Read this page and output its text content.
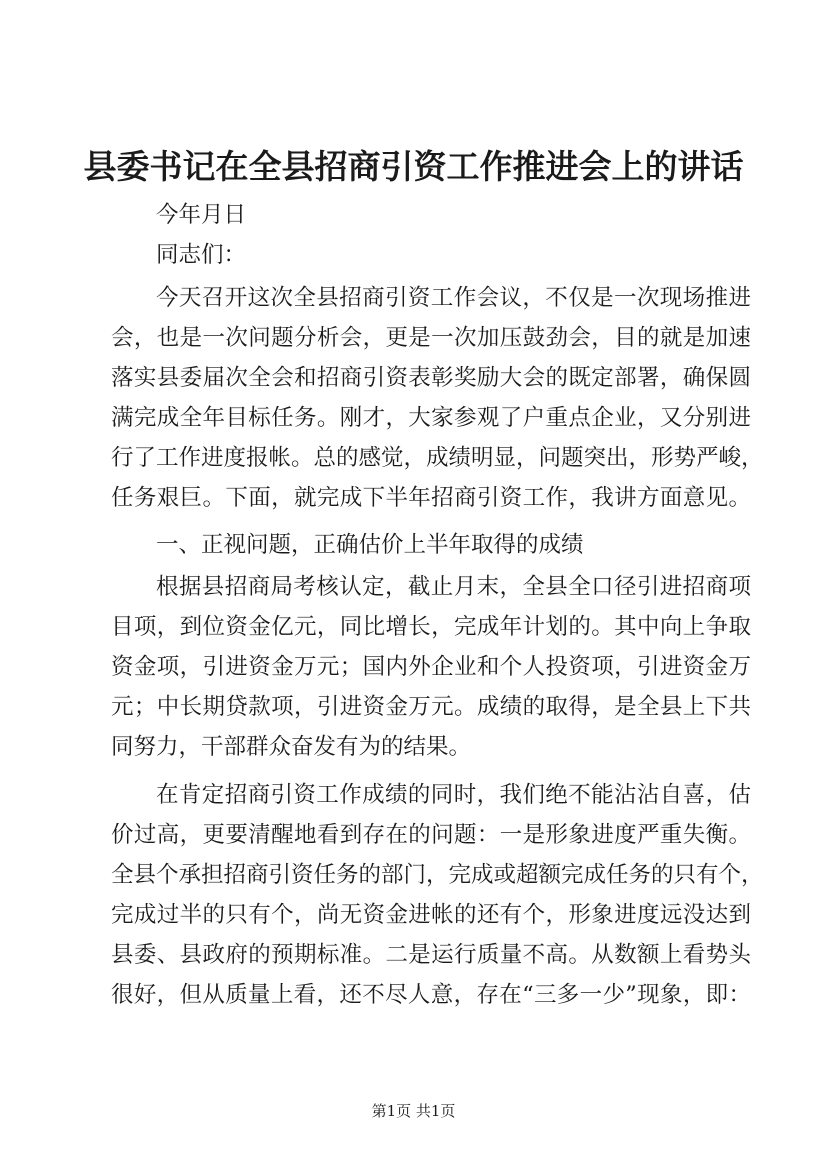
县委书记在全县招商引资工作推进会上的讲话
今年月日
同志们：
今天召开这次全县招商引资工作会议，不仅是一次现场推进
会，也是一次问题分析会，更是一次加压鼓劲会，目的就是加速
落实县委届次全会和招商引资表彰奖励大会的既定部署，确保圆
满完成全年目标任务。刚才，大家参观了户重点企业，又分别进
行了工作进度报帐。总的感觉，成绩明显，问题突出，形势严峻，
任务艰巨。下面，就完成下半年招商引资工作，我讲方面意见。
一、正视问题，正确估价上半年取得的成绩
根据县招商局考核认定，截止月末，全县全口径引进招商项
目项，到位资金亿元，同比增长，完成年计划的。其中向上争取
资金项，引进资金万元；国内外企业和个人投资项，引进资金万
元；中长期贷款项，引进资金万元。成绩的取得，是全县上下共
同努力，干部群众奋发有为的结果。
在肯定招商引资工作成绩的同时，我们绝不能沾沾自喜，估
价过高，更要清醒地看到存在的问题：一是形象进度严重失衡。
全县个承担招商引资任务的部门，完成或超额完成任务的只有个，
完成过半的只有个，尚无资金进帐的还有个，形象进度远没达到
县委、县政府的预期标准。二是运行质量不高。从数额上看势头
很好，但从质量上看，还不尽人意，存在“三多一少”现象，即：
第1页 共1页
